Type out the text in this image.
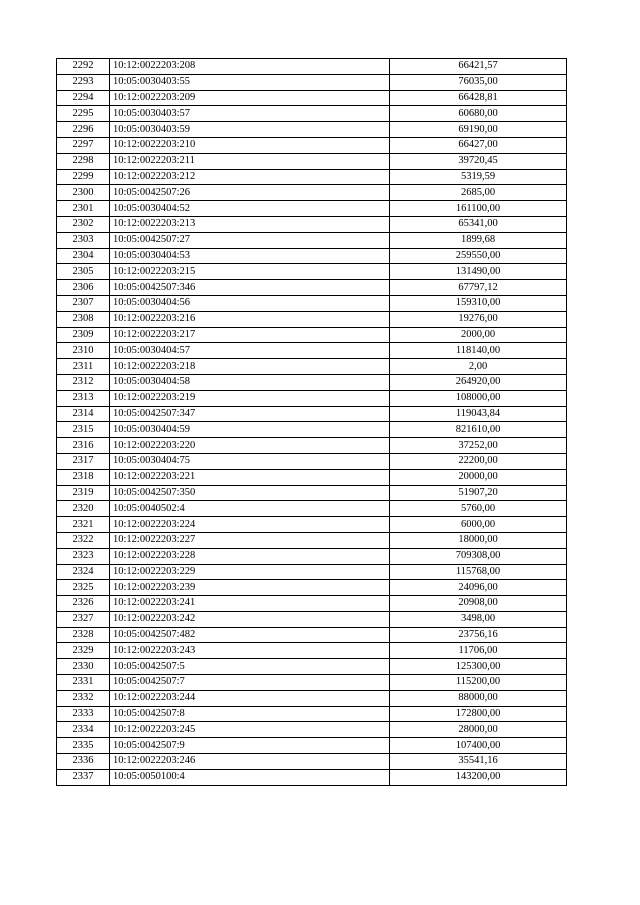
2292	10:12:0022203:208	66421,57
2293	10:05:0030403:55	76035,00
2294	10:12:0022203:209	66428,81
2295	10:05:0030403:57	60680,00
2296	10:05:0030403:59	69190,00
2297	10:12:0022203:210	66427,00
2298	10:12:0022203:211	39720,45
2299	10:12:0022203:212	5319,59
2300	10:05:0042507:26	2685,00
2301	10:05:0030404:52	161100,00
2302	10:12:0022203:213	65341,00
2303	10:05:0042507:27	1899,68
2304	10:05:0030404:53	259550,00
2305	10:12:0022203:215	131490,00
2306	10:05:0042507:346	67797,12
2307	10:05:0030404:56	159310,00
2308	10:12:0022203:216	19276,00
2309	10:12:0022203:217	2000,00
2310	10:05:0030404:57	118140,00
2311	10:12:0022203:218	2,00
2312	10:05:0030404:58	264920,00
2313	10:12:0022203:219	108000,00
2314	10:05:0042507:347	119043,84
2315	10:05:0030404:59	821610,00
2316	10:12:0022203:220	37252,00
2317	10:05:0030404:75	22200,00
2318	10:12:0022203:221	20000,00
2319	10:05:0042507:350	51907,20
2320	10:05:0040502:4	5760,00
2321	10:12:0022203:224	6000,00
2322	10:12:0022203:227	18000,00
2323	10:12:0022203:228	709308,00
2324	10:12:0022203:229	115768,00
2325	10:12:0022203:239	24096,00
2326	10:12:0022203:241	20908,00
2327	10:12:0022203:242	3498,00
2328	10:05:0042507:482	23756,16
2329	10:12:0022203:243	11706,00
2330	10:05:0042507:5	125300,00
2331	10:05:0042507:7	115200,00
2332	10:12:0022203:244	88000,00
2333	10:05:0042507:8	172800,00
2334	10:12:0022203:245	28000,00
2335	10:05:0042507:9	107400,00
2336	10:12:0022203:246	35541,16
2337	10:05:0050100:4	143200,00
